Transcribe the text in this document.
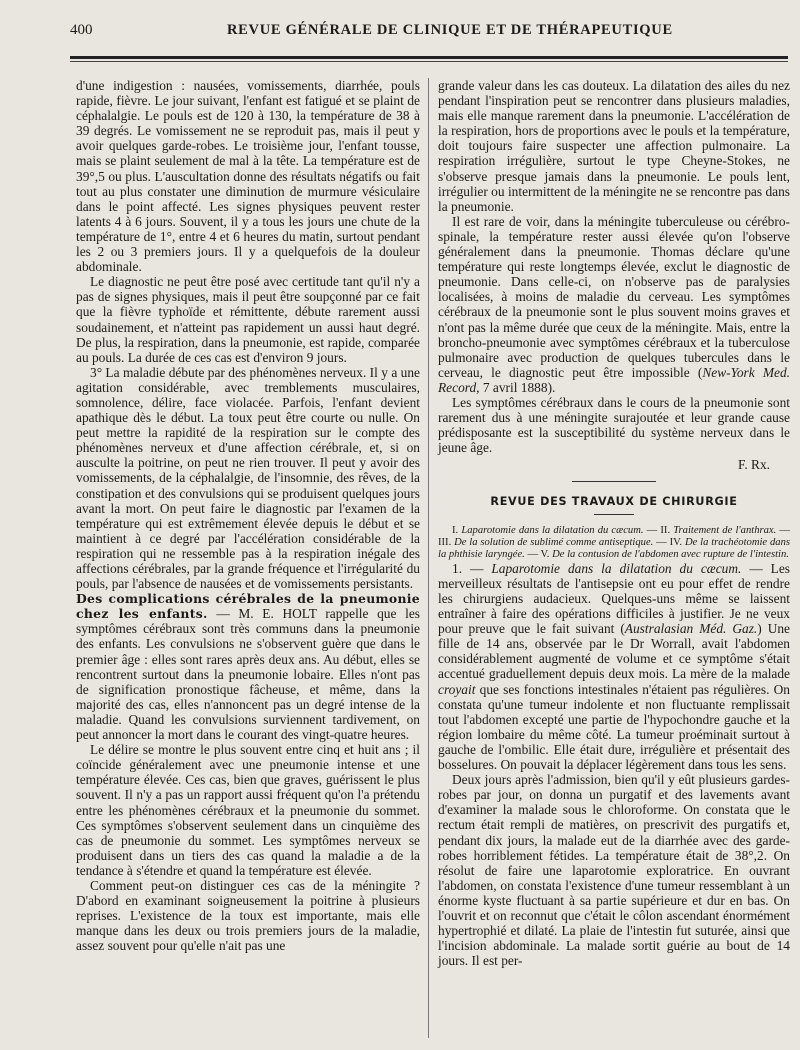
400	REVUE GÉNÉRALE DE CLINIQUE ET DE THÉRAPEUTIQUE

d'une indigestion : nausées, vomissements, diarrhée, pouls rapide, fièvre. Le jour suivant, l'enfant est fatigué et se plaint de céphalalgie. Le pouls est de 120 à 130, la température de 38 à 39 degrés. Le vomissement ne se reproduit pas, mais il peut y avoir quelques garde-robes. Le troisième jour, l'enfant tousse, mais se plaint seulement de mal à la tête. La température est de 39°,5 ou plus. L'auscultation donne des résultats négatifs ou fait tout au plus constater une diminution de murmure vésiculaire dans le point affecté. Les signes physiques peuvent rester latents 4 à 6 jours. Souvent, il y a tous les jours une chute de la température de 1°, entre 4 et 6 heures du matin, surtout pendant les 2 ou 3 premiers jours. Il y a quelquefois de la douleur abdominale.

Le diagnostic ne peut être posé avec certitude tant qu'il n'y a pas de signes physiques, mais il peut être soupçonné par ce fait que la fièvre typhoïde et rémittente, débute rarement aussi soudainement, et n'atteint pas rapidement un aussi haut degré. De plus, la respiration, dans la pneumonie, est rapide, comparée au pouls. La durée de ces cas est d'environ 9 jours.

3° La maladie débute par des phénomènes nerveux. Il y a une agitation considérable, avec tremblements musculaires, somnolence, délire, face violacée. Parfois, l'enfant devient apathique dès le début. La toux peut être courte ou nulle. On peut mettre la rapidité de la respiration sur le compte des phénomènes nerveux et d'une affection cérébrale, et, si on ausculte la poitrine, on peut ne rien trouver. Il peut y avoir des vomissements, de la céphalalgie, de l'insomnie, des rêves, de la constipation et des convulsions qui se produisent quelques jours avant la mort. On peut faire le diagnostic par l'examen de la température qui est extrêmement élevée depuis le début et se maintient à ce degré par l'accélération considérable de la respiration qui ne ressemble pas à la respiration inégale des affections cérébrales, par la grande fréquence et l'irrégularité du pouls, par l'absence de nausées et de vomissements persistants.

Des complications cérébrales de la pneumonie chez les enfants. — M. E. HOLT rappelle que les symptômes cérébraux sont très communs dans la pneumonie des enfants. Les convulsions ne s'observent guère que dans le premier âge : elles sont rares après deux ans. Au début, elles se rencontrent surtout dans la pneumonie lobaire. Elles n'ont pas de signification pronostique fâcheuse, et même, dans la majorité des cas, elles n'annoncent pas un degré intense de la maladie. Quand les convulsions surviennent tardivement, on peut annoncer la mort dans le courant des vingt-quatre heures.

Le délire se montre le plus souvent entre cinq et huit ans ; il coïncide généralement avec une pneumonie intense et une température élevée. Ces cas, bien que graves, guérissent le plus souvent. Il n'y a pas un rapport aussi fréquent qu'on l'a prétendu entre les phénomènes cérébraux et la pneumonie du sommet. Ces symptômes s'observent seulement dans un cinquième des cas de pneumonie du sommet. Les symptômes nerveux se produisent dans un tiers des cas quand la maladie a de la tendance à s'étendre et quand la température est élevée.

Comment peut-on distinguer ces cas de la méningite ? D'abord en examinant soigneusement la poitrine à plusieurs reprises. L'existence de la toux est importante, mais elle manque dans les deux ou trois premiers jours de la maladie, assez souvent pour qu'elle n'ait pas une

grande valeur dans les cas douteux. La dilatation des ailes du nez pendant l'inspiration peut se rencontrer dans plusieurs maladies, mais elle manque rarement dans la pneumonie. L'accélération de la respiration, hors de proportions avec le pouls et la température, doit toujours faire suspecter une affection pulmonaire. La respiration irrégulière, surtout le type Cheyne-Stokes, ne s'observe presque jamais dans la pneumonie. Le pouls lent, irrégulier ou intermittent de la méningite ne se rencontre pas dans la pneumonie.

Il est rare de voir, dans la méningite tuberculeuse ou cérébro-spinale, la température rester aussi élevée qu'on l'observe généralement dans la pneumonie. Thomas déclare qu'une température qui reste longtemps élevée, exclut le diagnostic de pneumonie. Dans celle-ci, on n'observe pas de paralysies localisées, à moins de maladie du cerveau. Les symptômes cérébraux de la pneumonie sont le plus souvent moins graves et n'ont pas la même durée que ceux de la méningite. Mais, entre la broncho-pneumonie avec symptômes cérébraux et la tuberculose pulmonaire avec production de quelques tubercules dans le cerveau, le diagnostic peut être impossible (New-York Med. Record, 7 avril 1888).

Les symptômes cérébraux dans le cours de la pneumonie sont rarement dus à une méningite surajoutée et leur grande cause prédisposante est la susceptibilité du système nerveux dans le jeune âge.

F. Rx.
REVUE DES TRAVAUX DE CHIRURGIE

I. Laparotomie dans la dilatation du cæcum. — II. Traitement de l'anthrax. — III. De la solution de sublimé comme antiseptique. — IV. De la trachéotomie dans la phthisie laryngée. — V. De la contusion de l'abdomen avec rupture de l'intestin.

1. — Laparotomie dans la dilatation du cæcum. — Les merveilleux résultats de l'antisepsie ont eu pour effet de rendre les chirurgiens audacieux. Quelques-uns même se laissent entraîner à faire des opérations difficiles à justifier. Je ne veux pour preuve que le fait suivant (Australasian Méd. Gaz.) Une fille de 14 ans, observée par le Dr Worrall, avait l'abdomen considérablement augmenté de volume et ce symptôme s'était accentué graduellement depuis deux mois. La mère de la malade croyait que ses fonctions intestinales n'étaient pas régulières. On constata qu'une tumeur indolente et non fluctuante remplissait tout l'abdomen excepté une partie de l'hypochondre gauche et la région lombaire du même côté. La tumeur proéminait surtout à gauche de l'ombilic. Elle était dure, irrégulière et présentait des bosselures. On pouvait la déplacer légèrement dans tous les sens.

Deux jours après l'admission, bien qu'il y eût plusieurs gardes-robes par jour, on donna un purgatif et des lavements avant d'examiner la malade sous le chloroforme. On constata que le rectum était rempli de matières, on prescrivit des purgatifs et, pendant dix jours, la malade eut de la diarrhée avec des garde-robes horriblement fétides. La température était de 38°,2. On résolut de faire une laparotomie exploratrice. En ouvrant l'abdomen, on constata l'existence d'une tumeur ressemblant à un énorme kyste fluctuant à sa partie supérieure et dur en bas. On l'ouvrit et on reconnut que c'était le côlon ascendant énormément hypertrophié et dilaté. La plaie de l'intestin fut suturée, ainsi que l'incision abdominale. La malade sortit guérie au bout de 14 jours. Il est per-
